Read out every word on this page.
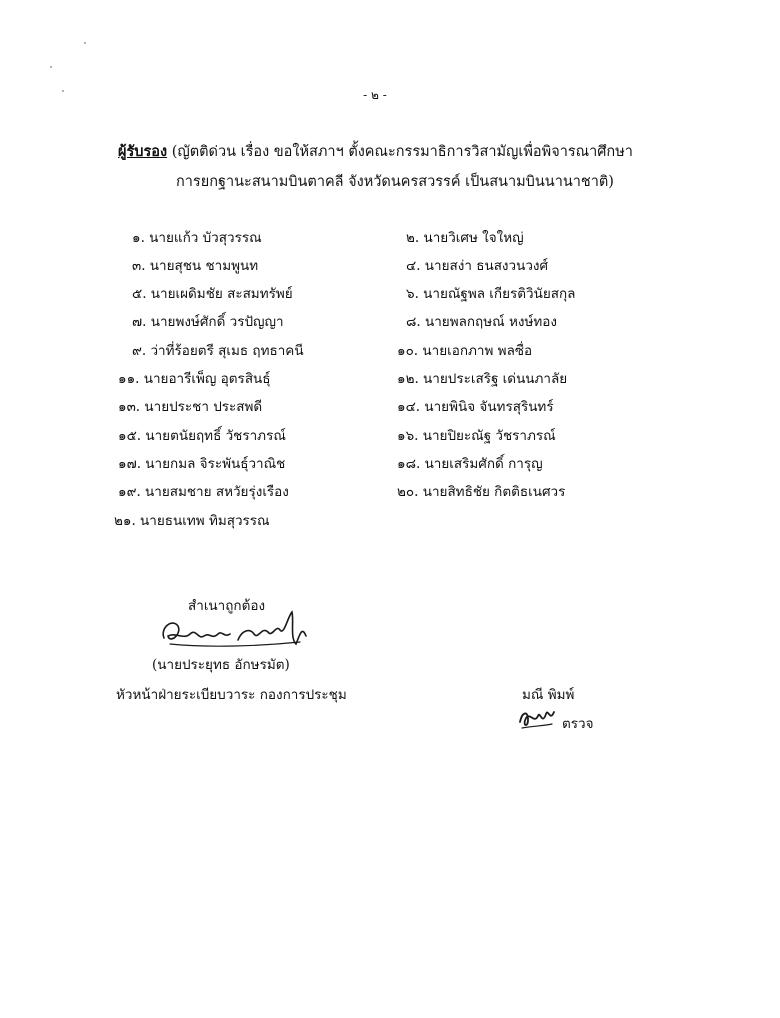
- ๒ -
ผู้รับรอง (ญัตติด่วน เรื่อง ขอให้สภาฯ ตั้งคณะกรรมาธิการวิสามัญเพื่อพิจารณาศึกษา
การยกฐานะสนามบินตาคลี จังหวัดนครสวรรค์ เป็นสนามบินนานาชาติ)
๑. นายแก้ว บัวสุวรรณ	๒. นายวิเศษ ใจใหญ่
๓. นายสุชน ชามพูนท	๔. นายสง่า ธนสงวนวงศ์
๕. นายเผดิมชัย สะสมทรัพย์	๖. นายณัฐพล เกียรติวินัยสกุล
๗. นายพงษ์ศักดิ์ วรปัญญา	๘. นายพลกฤษณ์ หงษ์ทอง
๙. ว่าที่ร้อยตรี สุเมธ ฤทธาคนี	๑๐. นายเอกภาพ พลซื่อ
๑๑. นายอารีเพ็ญ อุตรสินธุ์	๑๒. นายประเสริฐ เด่นนภาลัย
๑๓. นายประชา ประสพดี	๑๔. นายพินิจ จันทรสุรินทร์
๑๕. นายตนัยฤทธิ์ วัชราภรณ์	๑๖. นายปิยะณัฐ วัชราภรณ์
๑๗. นายกมล จิระพันธุ์วาณิช	๑๘. นายเสริมศักดิ์ การุญ
๑๙. นายสมชาย สหวัยรุ่งเรือง	๒๐. นายสิทธิชัย กิตติธเนศวร
๒๑. นายธนเทพ ทิมสุวรรณ
สำเนาถูกต้อง
(นายประยุทธ อักษรมัต)
หัวหน้าฝ่ายระเบียบวาระ กองการประชุม	มณี พิมพ์
ตรวจ
